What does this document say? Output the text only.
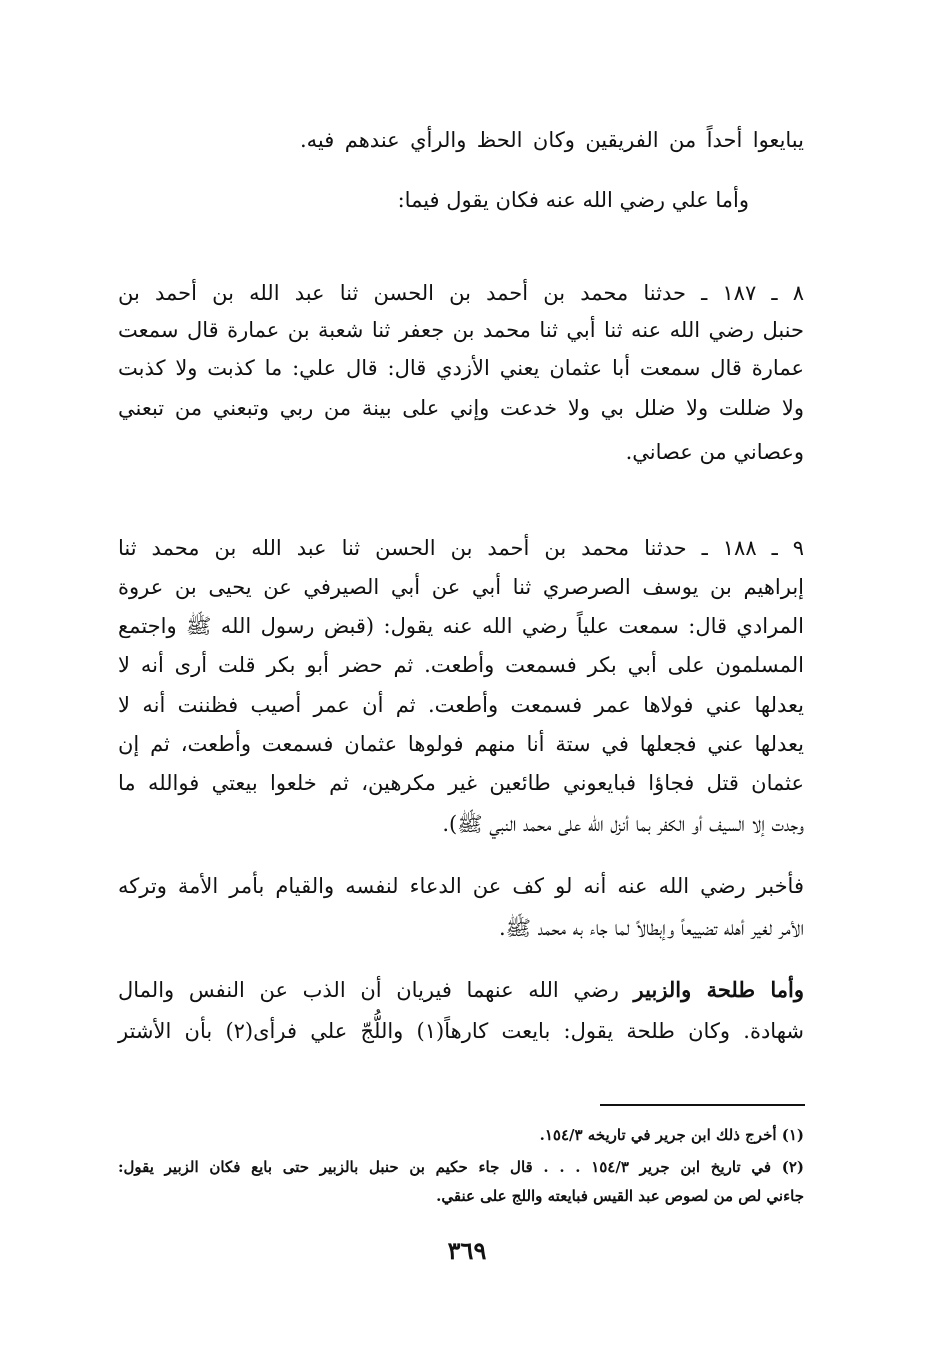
يبايعوا أحداً من الفريقين وكان الحظ والرأي عندهم فيه.
وأما علي رضي الله عنه فكان يقول فيما:
٨ ـ ١٨٧ ـ حدثنا محمد بن أحمد بن الحسن ثنا عبد الله بن أحمد بن
حنبل رضي الله عنه ثنا أبي ثنا محمد بن جعفر ثنا شعبة بن عمارة قال سمعت
عمارة قال سمعت أبا عثمان يعني الأزدي قال: قال علي: ما كذبت ولا كذبت
ولا ضللت ولا ضلل بي ولا خدعت وإني على بينة من ربي وتبعني من تبعني
وعصاني من عصاني.
٩ ـ ١٨٨ ـ حدثنا محمد بن أحمد بن الحسن ثنا عبد الله بن محمد ثنا
إبراهيم بن يوسف الصرصري ثنا أبي عن أبي الصيرفي عن يحيى بن عروة
المرادي قال: سمعت علياً رضي الله عنه يقول: (قبض رسول الله ﷺ واجتمع
المسلمون على أبي بكر فسمعت وأطعت. ثم حضر أبو بكر قلت أرى أنه لا
يعدلها عني فولاها عمر فسمعت وأطعت. ثم أن عمر أصيب فظننت أنه لا
يعدلها عني فجعلها في ستة أنا منهم فولوها عثمان فسمعت وأطعت، ثم إن
عثمان قتل فجاؤا فبايعوني طائعين غير مكرهين، ثم خلعوا بيعتي فوالله ما
وجدت إلا السيف أو الكفر بما أنزل الله على محمد النبي ﷺ).
فأخبر رضي الله عنه أنه لو كف عن الدعاء لنفسه والقيام بأمر الأمة وتركه
الأمر لغير أهله تضييعاً وإبطالاً لما جاء به محمد ﷺ.
وأما طلحة والزبير رضي الله عنهما فيريان أن الذب عن النفس والمال
شهادة. وكان طلحة يقول: بايعت كارهاً(١) واللُّجّ علي فرأى(٢) بأن الأشتر
(١) أخرج ذلك ابن جرير في تاريخه ١٥٤/٣.
(٢) في تاريخ ابن جرير ١٥٤/٣ . . . قال جاء حكيم بن حنبل بالزبير حتى بايع فكان الزبير يقول:
جاءني لص من لصوص عبد القيس فبايعته واللج على عنقي.
٣٦٩
